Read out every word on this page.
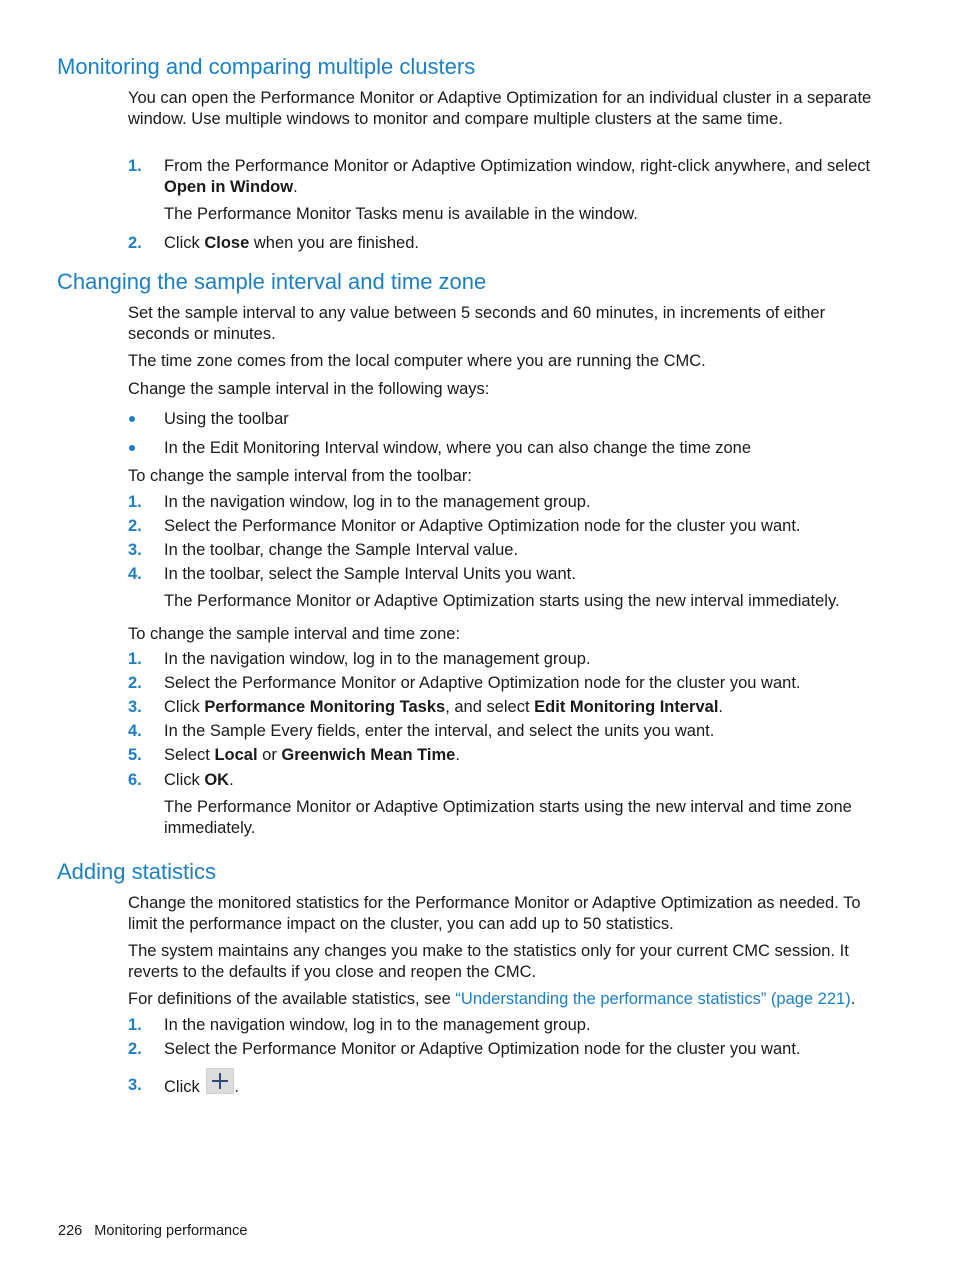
Monitoring and comparing multiple clusters

You can open the Performance Monitor or Adaptive Optimization for an individual cluster in a separate window. Use multiple windows to monitor and compare multiple clusters at the same time.

1. From the Performance Monitor or Adaptive Optimization window, right-click anywhere, and select Open in Window.

The Performance Monitor Tasks menu is available in the window.

2. Click Close when you are finished.

Changing the sample interval and time zone

Set the sample interval to any value between 5 seconds and 60 minutes, in increments of either seconds or minutes.

The time zone comes from the local computer where you are running the CMC.

Change the sample interval in the following ways:

Using the toolbar

In the Edit Monitoring Interval window, where you can also change the time zone

To change the sample interval from the toolbar:

1. In the navigation window, log in to the management group.

2. Select the Performance Monitor or Adaptive Optimization node for the cluster you want.

3. In the toolbar, change the Sample Interval value.

4. In the toolbar, select the Sample Interval Units you want.

The Performance Monitor or Adaptive Optimization starts using the new interval immediately.

To change the sample interval and time zone:

1. In the navigation window, log in to the management group.

2. Select the Performance Monitor or Adaptive Optimization node for the cluster you want.

3. Click Performance Monitoring Tasks, and select Edit Monitoring Interval.

4. In the Sample Every fields, enter the interval, and select the units you want.

5. Select Local or Greenwich Mean Time.

6. Click OK.

The Performance Monitor or Adaptive Optimization starts using the new interval and time zone immediately.

Adding statistics

Change the monitored statistics for the Performance Monitor or Adaptive Optimization as needed. To limit the performance impact on the cluster, you can add up to 50 statistics.

The system maintains any changes you make to the statistics only for your current CMC session. It reverts to the defaults if you close and reopen the CMC.

For definitions of the available statistics, see “Understanding the performance statistics” (page 221).

1. In the navigation window, log in to the management group.

2. Select the Performance Monitor or Adaptive Optimization node for the cluster you want.

3. Click .

226 Monitoring performance
